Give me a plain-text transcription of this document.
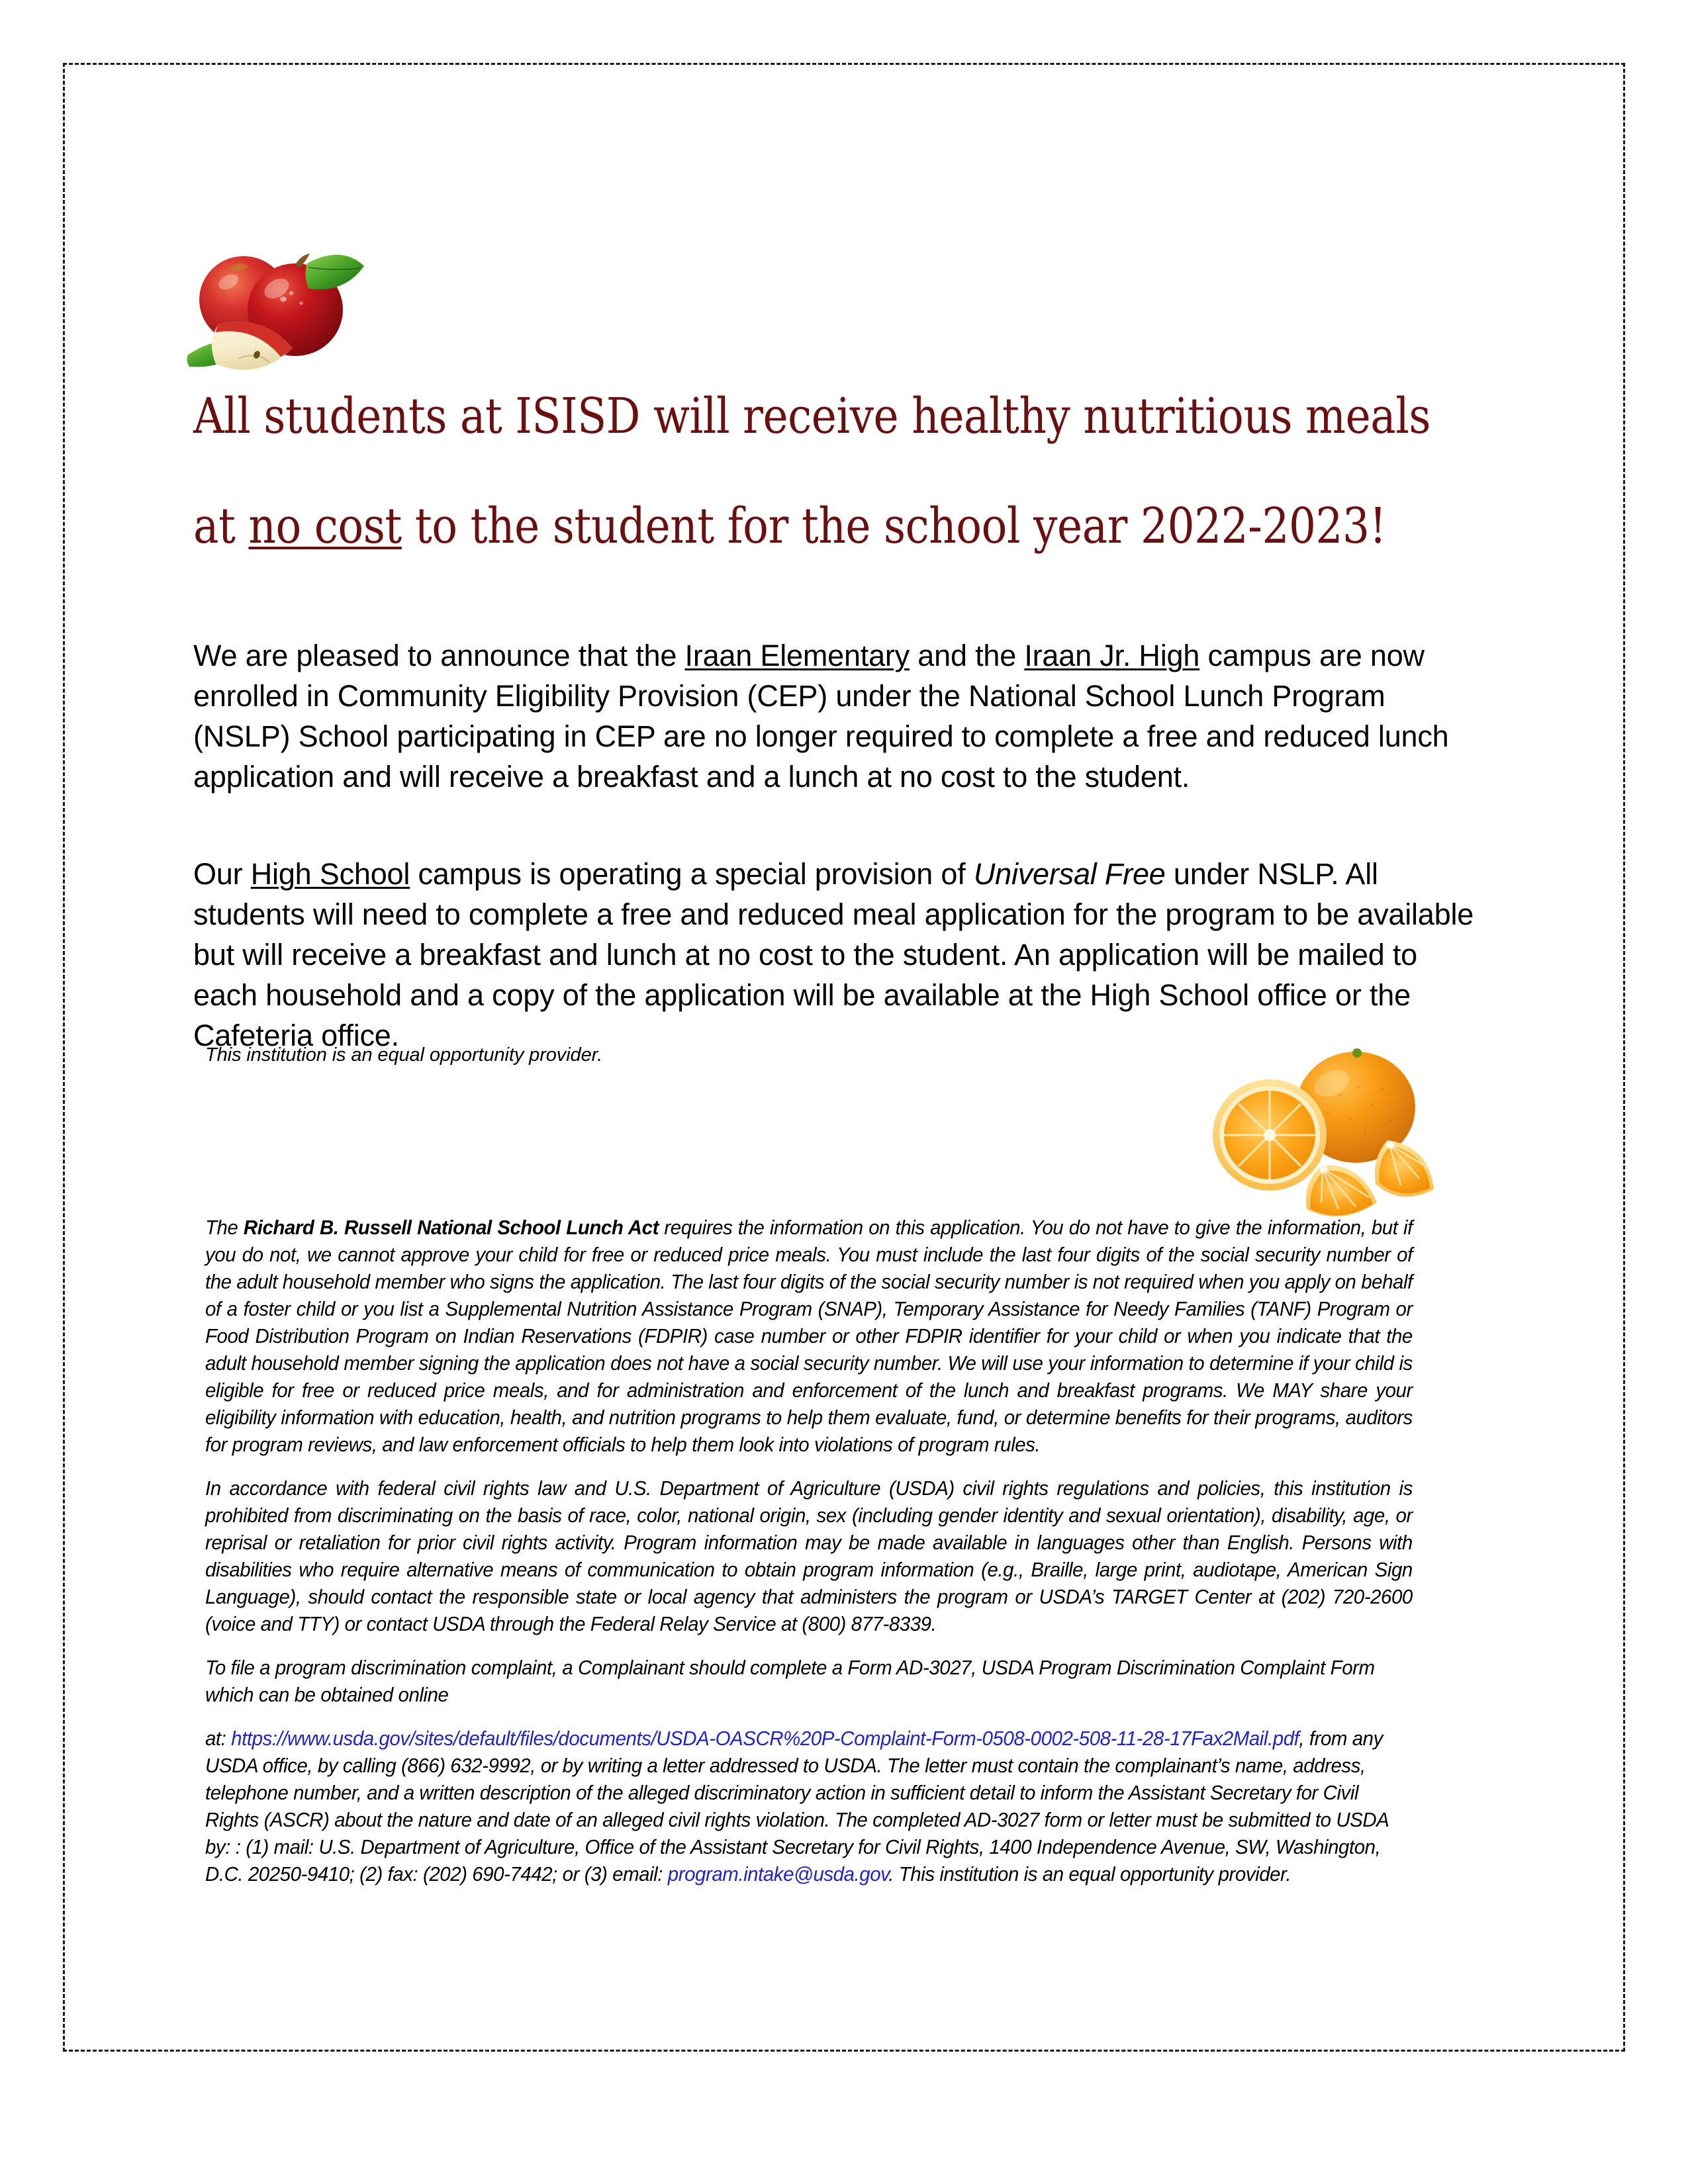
All students at ISISD will receive healthy nutritious meals
at no cost to the student for the school year 2022-2023!
We are pleased to announce that the Iraan Elementary and the Iraan Jr. High campus are now enrolled in Community Eligibility Provision (CEP) under the National School Lunch Program (NSLP) School participating in CEP are no longer required to complete a free and reduced lunch application and will receive a breakfast and a lunch at no cost to the student.
Our High School campus is operating a special provision of Universal Free under NSLP. All students will need to complete a free and reduced meal application for the program to be available but will receive a breakfast and lunch at no cost to the student. An application will be mailed to each household and a copy of the application will be available at the High School office or the Cafeteria office.
This institution is an equal opportunity provider.

The Richard B. Russell National School Lunch Act requires the information on this application. You do not have to give the information, but if you do not, we cannot approve your child for free or reduced price meals. You must include the last four digits of the social security number of the adult household member who signs the application. The last four digits of the social security number is not required when you apply on behalf of a foster child or you list a Supplemental Nutrition Assistance Program (SNAP), Temporary Assistance for Needy Families (TANF) Program or Food Distribution Program on Indian Reservations (FDPIR) case number or other FDPIR identifier for your child or when you indicate that the adult household member signing the application does not have a social security number. We will use your information to determine if your child is eligible for free or reduced price meals, and for administration and enforcement of the lunch and breakfast programs. We MAY share your eligibility information with education, health, and nutrition programs to help them evaluate, fund, or determine benefits for their programs, auditors for program reviews, and law enforcement officials to help them look into violations of program rules.

In accordance with federal civil rights law and U.S. Department of Agriculture (USDA) civil rights regulations and policies, this institution is prohibited from discriminating on the basis of race, color, national origin, sex (including gender identity and sexual orientation), disability, age, or reprisal or retaliation for prior civil rights activity. Program information may be made available in languages other than English. Persons with disabilities who require alternative means of communication to obtain program information (e.g., Braille, large print, audiotape, American Sign Language), should contact the responsible state or local agency that administers the program or USDA’s TARGET Center at (202) 720-2600 (voice and TTY) or contact USDA through the Federal Relay Service at (800) 877-8339.

To file a program discrimination complaint, a Complainant should complete a Form AD-3027, USDA Program Discrimination Complaint Form which can be obtained online

at: https://www.usda.gov/sites/default/files/documents/USDA-OASCR%20P-Complaint-Form-0508-0002-508-11-28-17Fax2Mail.pdf, from any USDA office, by calling (866) 632-9992, or by writing a letter addressed to USDA. The letter must contain the complainant’s name, address, telephone number, and a written description of the alleged discriminatory action in sufficient detail to inform the Assistant Secretary for Civil Rights (ASCR) about the nature and date of an alleged civil rights violation. The completed AD-3027 form or letter must be submitted to USDA by: : (1) mail: U.S. Department of Agriculture, Office of the Assistant Secretary for Civil Rights, 1400 Independence Avenue, SW, Washington, D.C. 20250-9410; (2) fax: (202) 690-7442; or (3) email: program.intake@usda.gov. This institution is an equal opportunity provider.
